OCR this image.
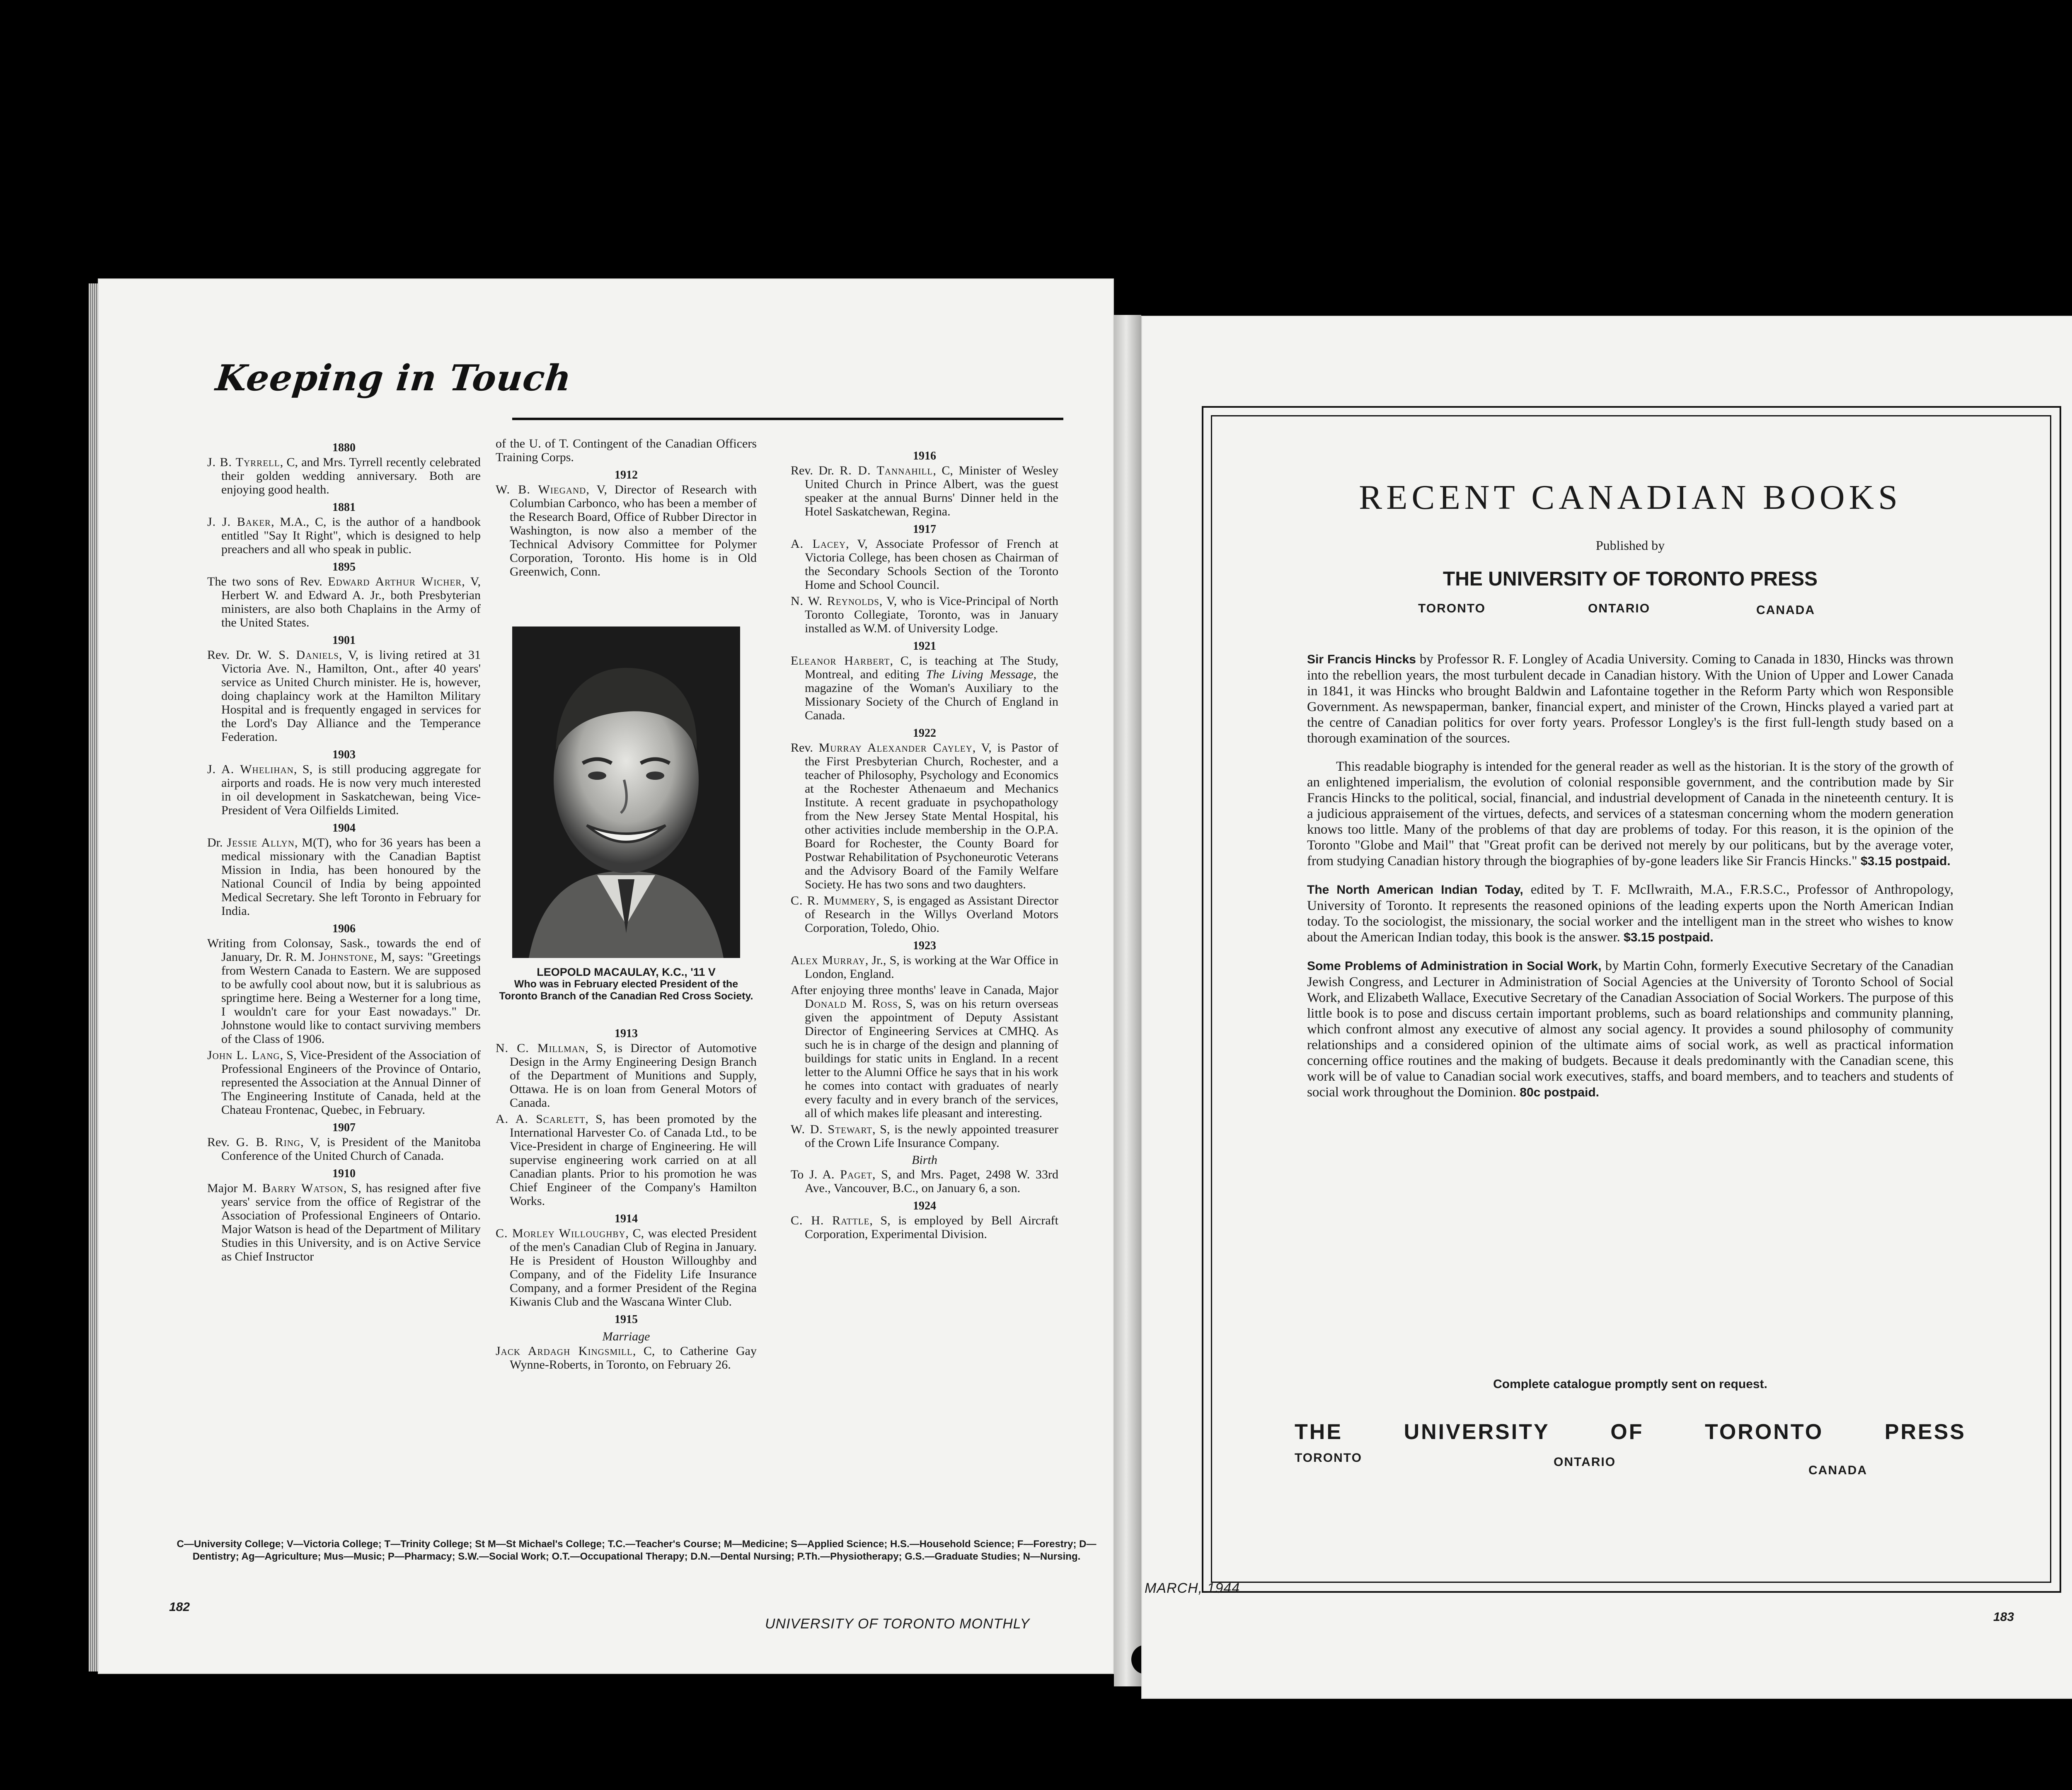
Keeping in Touch
1880

J. B. Tyrrell, C, and Mrs. Tyrrell recently celebrated their golden wedding anniversary. Both are enjoying good health.

1881

J. J. Baker, M.A., C, is the author of a handbook entitled "Say It Right", which is designed to help preachers and all who speak in public.

1895

The two sons of Rev. Edward Arthur Wicher, V, Herbert W. and Edward A. Jr., both Presbyterian ministers, are also both Chaplains in the Army of the United States.

1901

Rev. Dr. W. S. Daniels, V, is living retired at 31 Victoria Ave. N., Hamilton, Ont., after 40 years' service as United Church minister. He is, however, doing chaplaincy work at the Hamilton Military Hospital and is frequently engaged in services for the Lord's Day Alliance and the Temperance Federation.

1903

J. A. Whelihan, S, is still producing aggregate for airports and roads. He is now very much interested in oil development in Saskatchewan, being Vice-President of Vera Oilfields Limited.

1904

Dr. Jessie Allyn, M(T), who for 36 years has been a medical missionary with the Canadian Baptist Mission in India, has been honoured by the National Council of India by being appointed Medical Secretary. She left Toronto in February for India.

1906

Writing from Colonsay, Sask., towards the end of January, Dr. R. M. Johnstone, M, says: "Greetings from Western Canada to Eastern. We are supposed to be awfully cool about now, but it is salubrious as springtime here. Being a Westerner for a long time, I wouldn't care for your East nowadays." Dr. Johnstone would like to contact surviving members of the Class of 1906.

John L. Lang, S, Vice-President of the Association of Professional Engineers of the Province of Ontario, represented the Association at the Annual Dinner of The Engineering Institute of Canada, held at the Chateau Frontenac, Quebec, in February.

1907

Rev. G. B. Ring, V, is President of the Manitoba Conference of the United Church of Canada.

1910

Major M. Barry Watson, S, has resigned after five years' service from the office of Registrar of the Association of Professional Engineers of Ontario. Major Watson is head of the Department of Military Studies in this University, and is on Active Service as Chief Instructor

of the U. of T. Contingent of the Canadian Officers Training Corps.

1912

W. B. Wiegand, V, Director of Research with Columbian Carbonco, who has been a member of the Research Board, Office of Rubber Director in Washington, is now also a member of the Technical Advisory Committee for Polymer Corporation, Toronto. His home is in Old Greenwich, Conn.

LEOPOLD MACAULAY, K.C., '11 V
Who was in February elected President of the Toronto Branch of the Canadian Red Cross Society.
1913

N. C. Millman, S, is Director of Automotive Design in the Army Engineering Design Branch of the Department of Munitions and Supply, Ottawa. He is on loan from General Motors of Canada.

A. A. Scarlett, S, has been promoted by the International Harvester Co. of Canada Ltd., to be Vice-President in charge of Engineering. He will supervise engineering work carried on at all Canadian plants. Prior to his promotion he was Chief Engineer of the Company's Hamilton Works.

1914

C. Morley Willoughby, C, was elected President of the men's Canadian Club of Regina in January. He is President of Houston Willoughby and Company, and of the Fidelity Life Insurance Company, and a former President of the Regina Kiwanis Club and the Wascana Winter Club.

1915
Marriage

Jack Ardagh Kingsmill, C, to Catherine Gay Wynne-Roberts, in Toronto, on February 26.

1916

Rev. Dr. R. D. Tannahill, C, Minister of Wesley United Church in Prince Albert, was the guest speaker at the annual Burns' Dinner held in the Hotel Saskatchewan, Regina.

1917

A. Lacey, V, Associate Professor of French at Victoria College, has been chosen as Chairman of the Secondary Schools Section of the Toronto Home and School Council.

N. W. Reynolds, V, who is Vice-Principal of North Toronto Collegiate, Toronto, was in January installed as W.M. of University Lodge.

1921

Eleanor Harbert, C, is teaching at The Study, Montreal, and editing The Living Message, the magazine of the Woman's Auxiliary to the Missionary Society of the Church of England in Canada.

1922

Rev. Murray Alexander Cayley, V, is Pastor of the First Presbyterian Church, Rochester, and a teacher of Philosophy, Psychology and Economics at the Rochester Athenaeum and Mechanics Institute. A recent graduate in psychopathology from the New Jersey State Mental Hospital, his other activities include membership in the O.P.A. Board for Rochester, the County Board for Postwar Rehabilitation of Psychoneurotic Veterans and the Advisory Board of the Family Welfare Society. He has two sons and two daughters.

C. R. Mummery, S, is engaged as Assistant Director of Research in the Willys Overland Motors Corporation, Toledo, Ohio.

1923

Alex Murray, Jr., S, is working at the War Office in London, England.

After enjoying three months' leave in Canada, Major Donald M. Ross, S, was on his return overseas given the appointment of Deputy Assistant Director of Engineering Services at CMHQ. As such he is in charge of the design and planning of buildings for static units in England. In a recent letter to the Alumni Office he says that in his work he comes into contact with graduates of nearly every faculty and in every branch of the services, all of which makes life pleasant and interesting.

W. D. Stewart, S, is the newly appointed treasurer of the Crown Life Insurance Company.

Birth

To J. A. Paget, S, and Mrs. Paget, 2498 W. 33rd Ave., Vancouver, B.C., on January 6, a son.

1924

C. H. Rattle, S, is employed by Bell Aircraft Corporation, Experimental Division.

C—University College; V—Victoria College; T—Trinity College; St M—St Michael's College; T.C.—Teacher's Course; M—Medicine; S—Applied Science; H.S.—Household Science; F—Forestry; D—Dentistry; Ag—Agriculture; Mus—Music; P—Pharmacy; S.W.—Social Work; O.T.—Occupational Therapy; D.N.—Dental Nursing; P.Th.—Physiotherapy; G.S.—Graduate Studies; N—Nursing.
182
UNIVERSITY OF TORONTO MONTHLY
RECENT CANADIAN BOOKS
Published by
THE UNIVERSITY OF TORONTO PRESS
TORONTO	ONTARIO	CANADA

Sir Francis Hincks by Professor R. F. Longley of Acadia University. Coming to Canada in 1830, Hincks was thrown into the rebellion years, the most turbulent decade in Canadian history. With the Union of Upper and Lower Canada in 1841, it was Hincks who brought Baldwin and Lafontaine together in the Reform Party which won Responsible Government. As newspaperman, banker, financial expert, and minister of the Crown, Hincks played a varied part at the centre of Canadian politics for over forty years. Professor Longley's is the first full-length study based on a thorough examination of the sources.

This readable biography is intended for the general reader as well as the historian. It is the story of the growth of an enlightened imperialism, the evolution of colonial responsible government, and the contribution made by Sir Francis Hincks to the political, social, financial, and industrial development of Canada in the nineteenth century. It is a judicious appraisement of the virtues, defects, and services of a statesman concerning whom the modern generation knows too little. Many of the problems of that day are problems of today. For this reason, it is the opinion of the Toronto "Globe and Mail" that "Great profit can be derived not merely by our politicans, but by the average voter, from studying Canadian history through the biographies of by-gone leaders like Sir Francis Hincks." $3.15 postpaid.

The North American Indian Today, edited by T. F. McIlwraith, M.A., F.R.S.C., Professor of Anthropology, University of Toronto. It represents the reasoned opinions of the leading experts upon the North American Indian today. To the sociologist, the missionary, the social worker and the intelligent man in the street who wishes to know about the American Indian today, this book is the answer. $3.15 postpaid.

Some Problems of Administration in Social Work, by Martin Cohn, formerly Executive Secretary of the Canadian Jewish Congress, and Lecturer in Administration of Social Agencies at the University of Toronto School of Social Work, and Elizabeth Wallace, Executive Secretary of the Canadian Association of Social Workers. The purpose of this little book is to pose and discuss certain important problems, such as board relationships and community planning, which confront almost any executive of almost any social agency. It provides a sound philosophy of community relationships and a considered opinion of the ultimate aims of social work, as well as practical information concerning office routines and the making of budgets. Because it deals predominantly with the Canadian scene, this work will be of value to Canadian social work executives, staffs, and board members, and to teachers and students of social work throughout the Dominion. 80c postpaid.

Complete catalogue promptly sent on request.
THE UNIVERSITY OF TORONTO PRESS
TORONTO	ONTARIO
CANADA
MARCH, 1944
183
